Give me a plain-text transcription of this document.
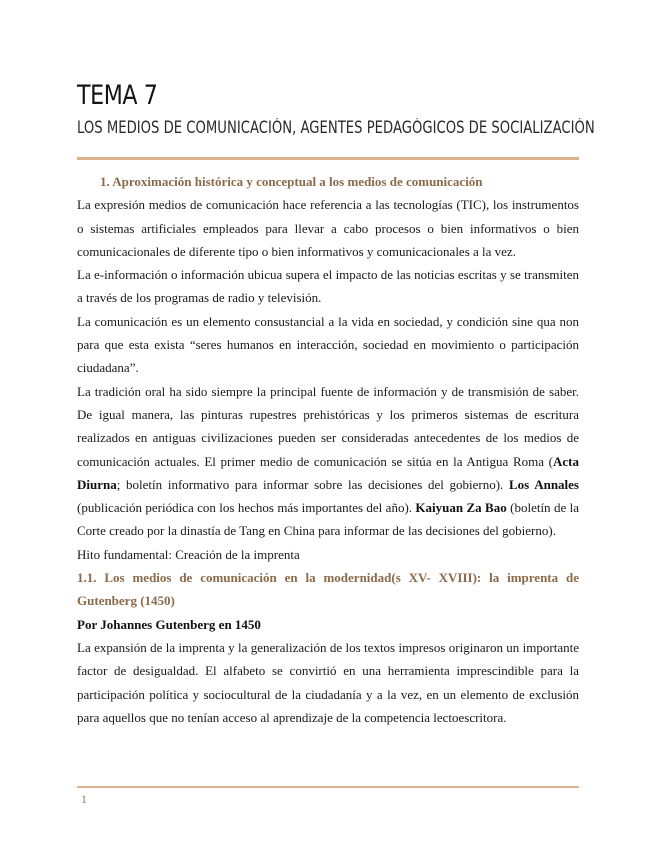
TEMA 7
LOS MEDIOS DE COMUNICACIÓN, AGENTES PEDAGÓGICOS DE SOCIALIZACIÓN

1. Aproximación histórica y conceptual a los medios de comunicación

La expresión medios de comunicación hace referencia a las tecnologías (TIC), los instrumentos o sistemas artificiales empleados para llevar a cabo procesos o bien informativos o bien comunicacionales de diferente tipo o bien informativos y comunicacionales a la vez.

La e-información o información ubicua supera el impacto de las noticias escritas y se transmiten a través de los programas de radio y televisión.

La comunicación es un elemento consustancial a la vida en sociedad, y condición sine qua non para que esta exista “seres humanos en interacción, sociedad en movimiento o participación ciudadana”.

La tradición oral ha sido siempre la principal fuente de información y de transmisión de saber. De igual manera, las pinturas rupestres prehistóricas y los primeros sistemas de escritura realizados en antiguas civilizaciones pueden ser consideradas antecedentes de los medios de comunicación actuales. El primer medio de comunicación se sitúa en la Antigua Roma (Acta Diurna; boletín informativo para informar sobre las decisiones del gobierno). Los Annales (publicación periódica con los hechos más importantes del año). Kaiyuan Za Bao (boletín de la Corte creado por la dinastía de Tang en China para informar de las decisiones del gobierno).

Hito fundamental: Creación de la imprenta

1.1. Los medios de comunicación en la modernidad(s XV- XVIII): la imprenta de Gutenberg (1450)

Por Johannes Gutenberg en 1450

La expansión de la imprenta y la generalización de los textos impresos originaron un importante factor de desigualdad. El alfabeto se convirtió en una herramienta imprescindible para la participación política y sociocultural de la ciudadanía y a la vez, en un elemento de exclusión para aquellos que no tenían acceso al aprendizaje de la competencia lectoescritora.

1
